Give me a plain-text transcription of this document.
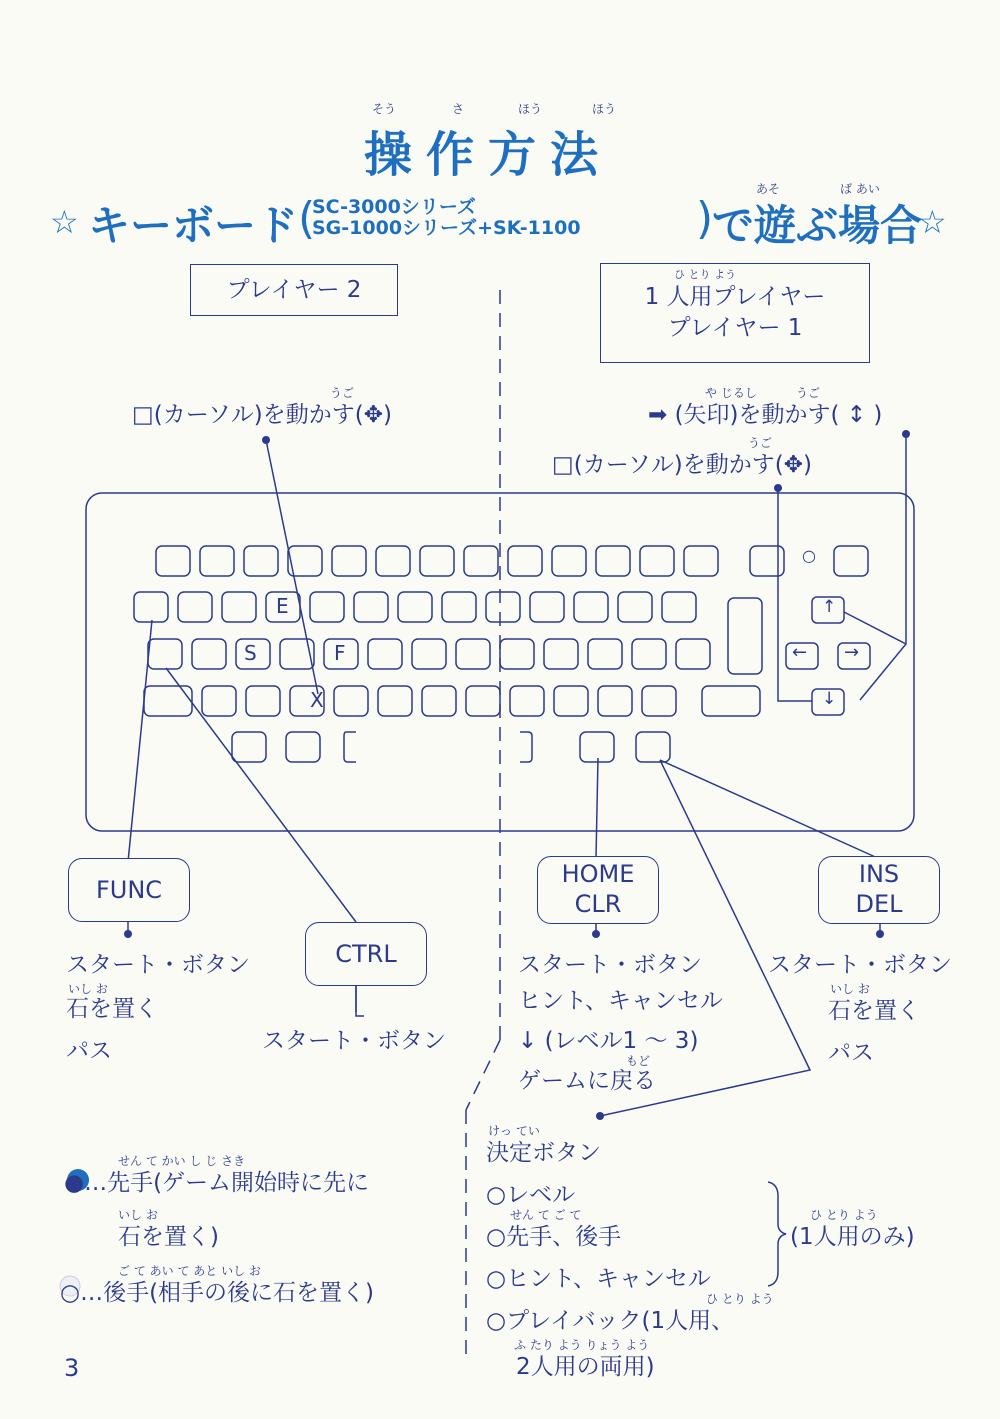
そう	さ	ほう	ほう
操作方法
あそ	ば あい
☆ キーボード (
SC-3000シリーズ
SG-1000シリーズ+SK-1100	)
で遊ぶ場合
☆
プレイヤー 2
ひ とり よう
1 人用プレイヤー
プレイヤー 1
うご
□(カーソル)を動かす(✥)
や じるし	うご
➡ (矢印)を動かす( ↕ )
うご
□(カーソル)を動かす(✥)
E
S	F
X
○
↑
← →
↓
FUNC
CTRL
HOME
CLR
INS
DEL
スタート・ボタン
いし お
石を置く
パス	スタート・ボタン
スタート・ボタン
ヒント、キャンセル
↓ (レベル1 〜 3)
もど
ゲームに戻る
スタート・ボタン
いし お
石を置く
パス
けっ てい
決定ボタン
○レベル
せん て ご て
○先手、後手
○ヒント、キャンセル
ひ とり よう
○プレイバック(1人用、
ふ たり よう りょう よう
2人用の両用)
ひ とり よう
(1人用のみ)
せん て かい し じ さき
●…先手(ゲーム開始時に先に
いし お
石を置く)
ご て あい て あと いし お
○…後手(相手の後に石を置く)
3
